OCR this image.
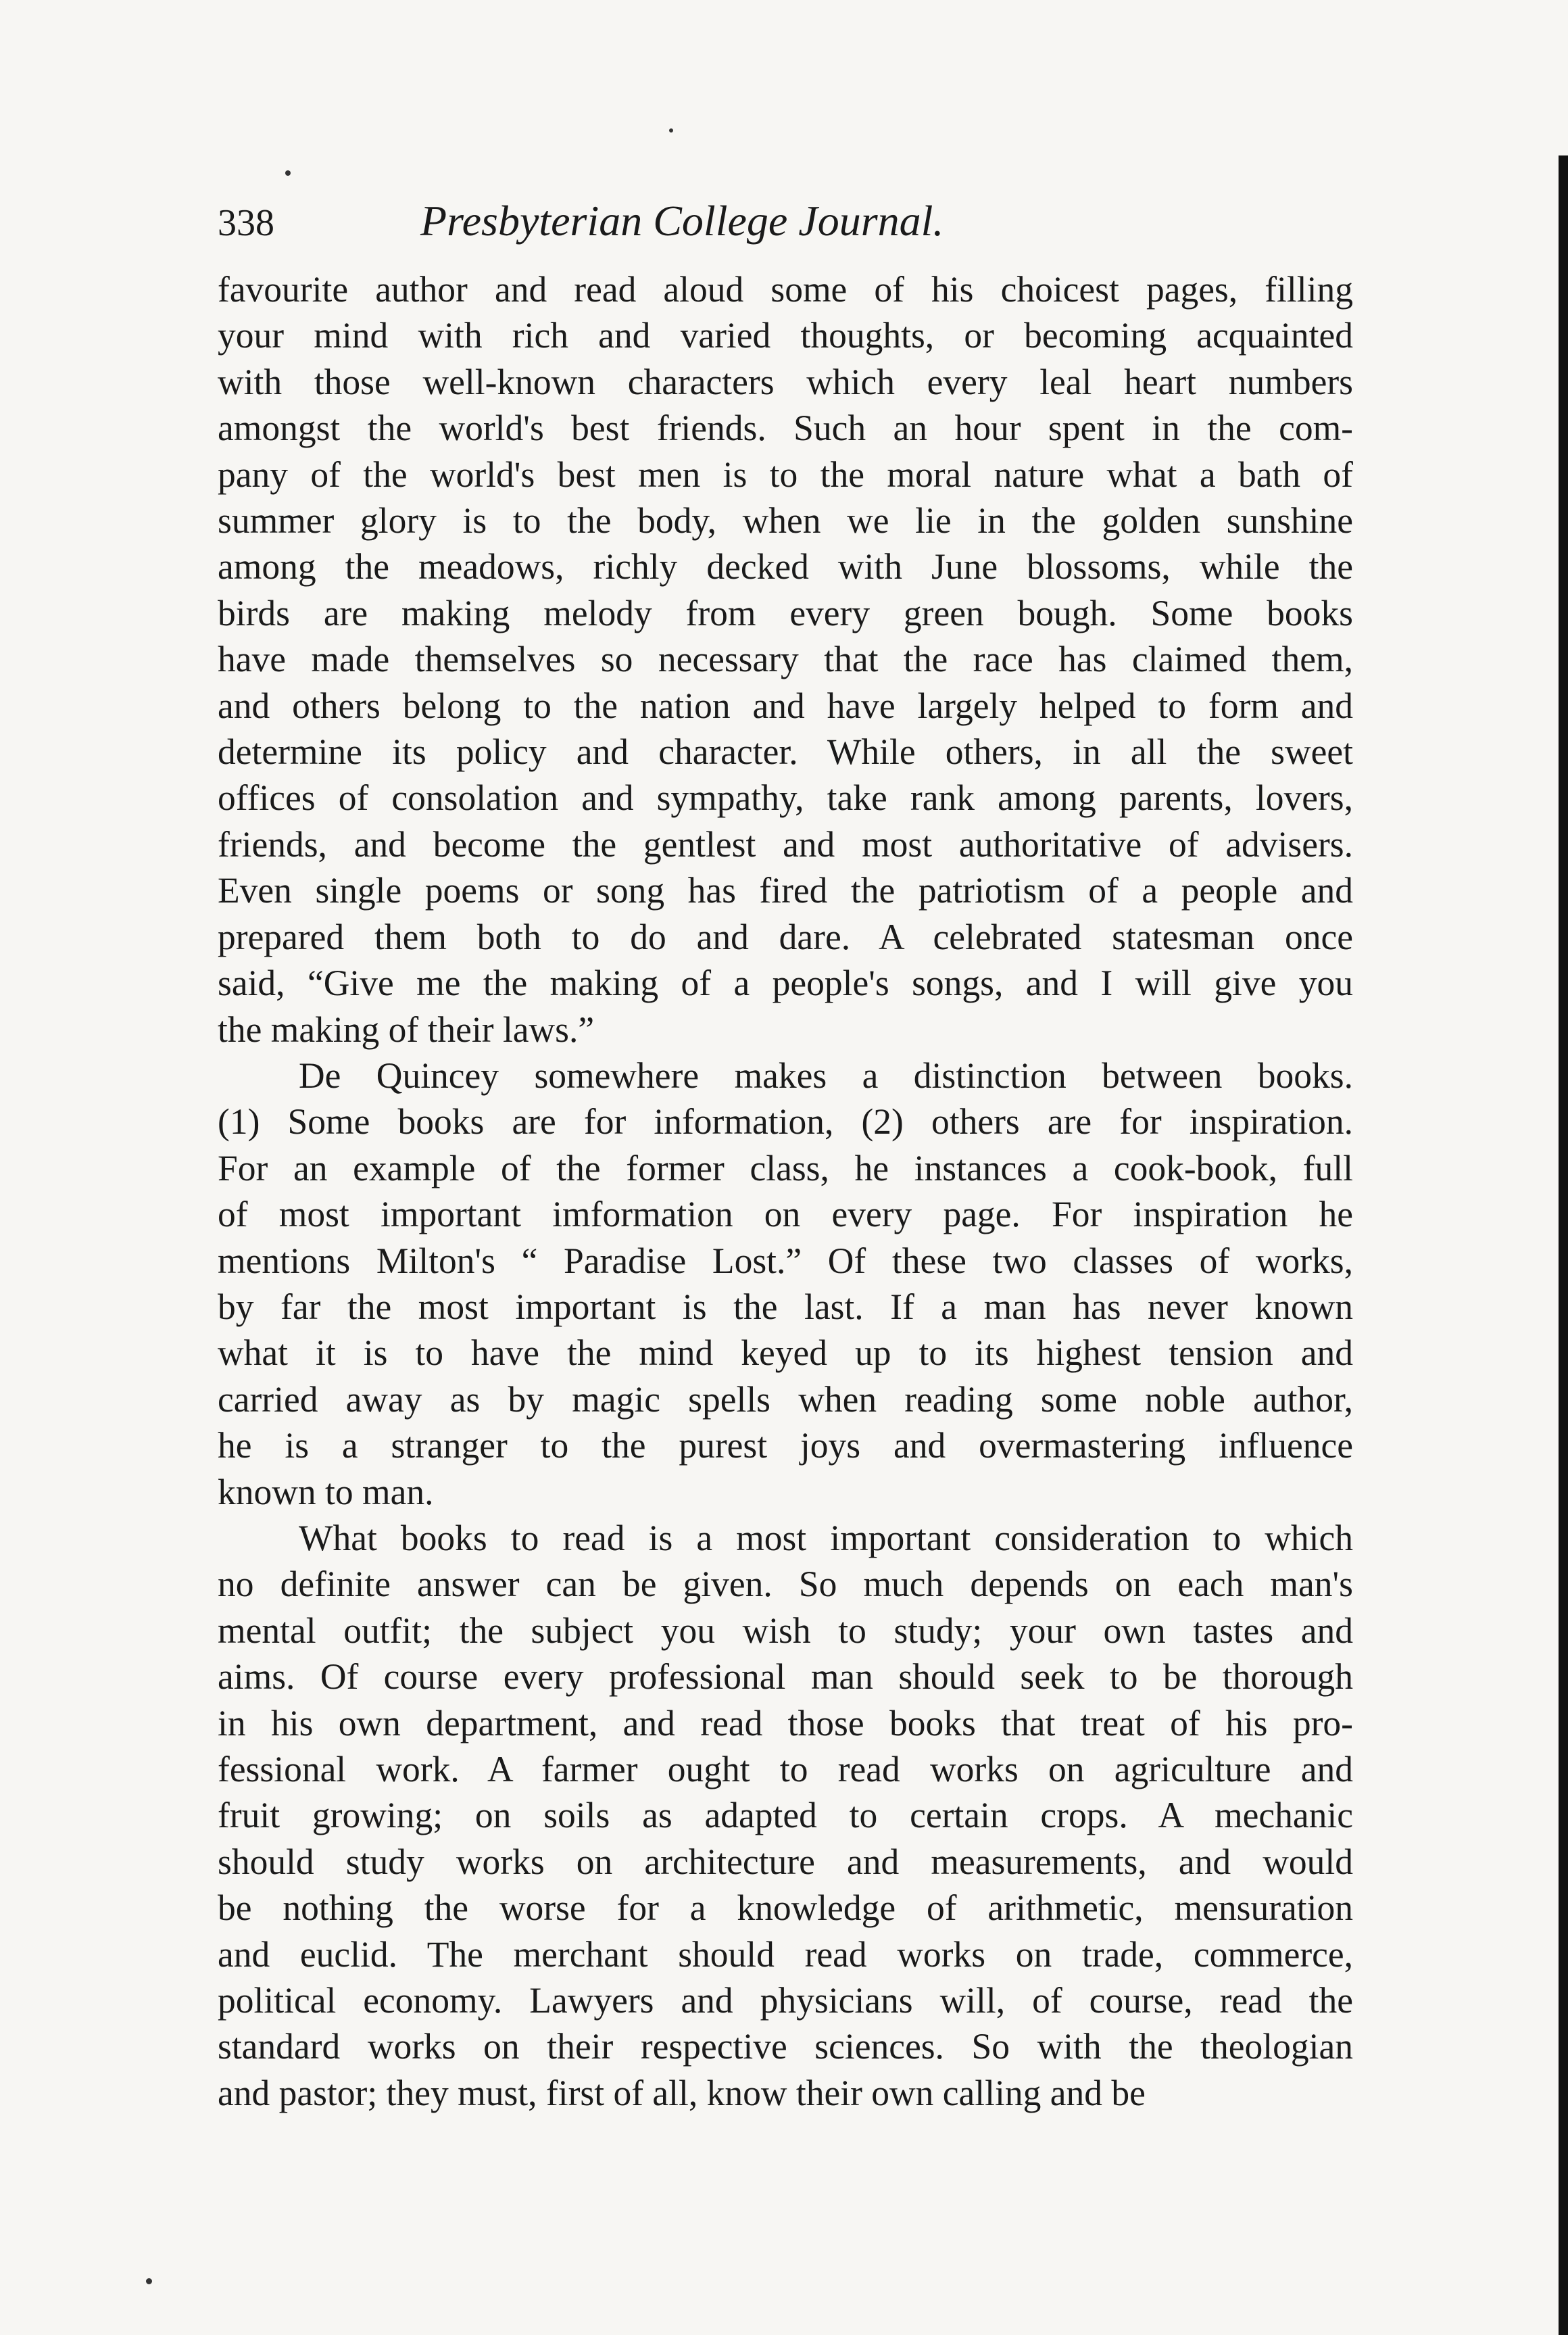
338	Presbyterian College Journal.
favourite author and read aloud some of his choicest pages, filling
your mind with rich and varied thoughts, or becoming acquainted
with those well-known characters which every leal heart numbers
amongst the world's best friends. Such an hour spent in the com-
pany of the world's best men is to the moral nature what a bath of
summer glory is to the body, when we lie in the golden sunshine
among the meadows, richly decked with June blossoms, while the
birds are making melody from every green bough. Some books
have made themselves so necessary that the race has claimed them,
and others belong to the nation and have largely helped to form and
determine its policy and character. While others, in all the sweet
offices of consolation and sympathy, take rank among parents, lovers,
friends, and become the gentlest and most authoritative of advisers.
Even single poems or song has fired the patriotism of a people and
prepared them both to do and dare. A celebrated statesman once
said, “Give me the making of a people's songs, and I will give you
the making of their laws.”
De Quincey somewhere makes a distinction between books.
(1) Some books are for information, (2) others are for inspiration.
For an example of the former class, he instances a cook-book, full
of most important imformation on every page. For inspiration he
mentions Milton's “ Paradise Lost.” Of these two classes of works,
by far the most important is the last. If a man has never known
what it is to have the mind keyed up to its highest tension and
carried away as by magic spells when reading some noble author,
he is a stranger to the purest joys and overmastering influence
known to man.
What books to read is a most important consideration to which
no definite answer can be given. So much depends on each man's
mental outfit; the subject you wish to study; your own tastes and
aims. Of course every professional man should seek to be thorough
in his own department, and read those books that treat of his pro-
fessional work. A farmer ought to read works on agriculture and
fruit growing; on soils as adapted to certain crops. A mechanic
should study works on architecture and measurements, and would
be nothing the worse for a knowledge of arithmetic, mensuration
and euclid. The merchant should read works on trade, commerce,
political economy. Lawyers and physicians will, of course, read the
standard works on their respective sciences. So with the theologian
and pastor; they must, first of all, know their own calling and be
